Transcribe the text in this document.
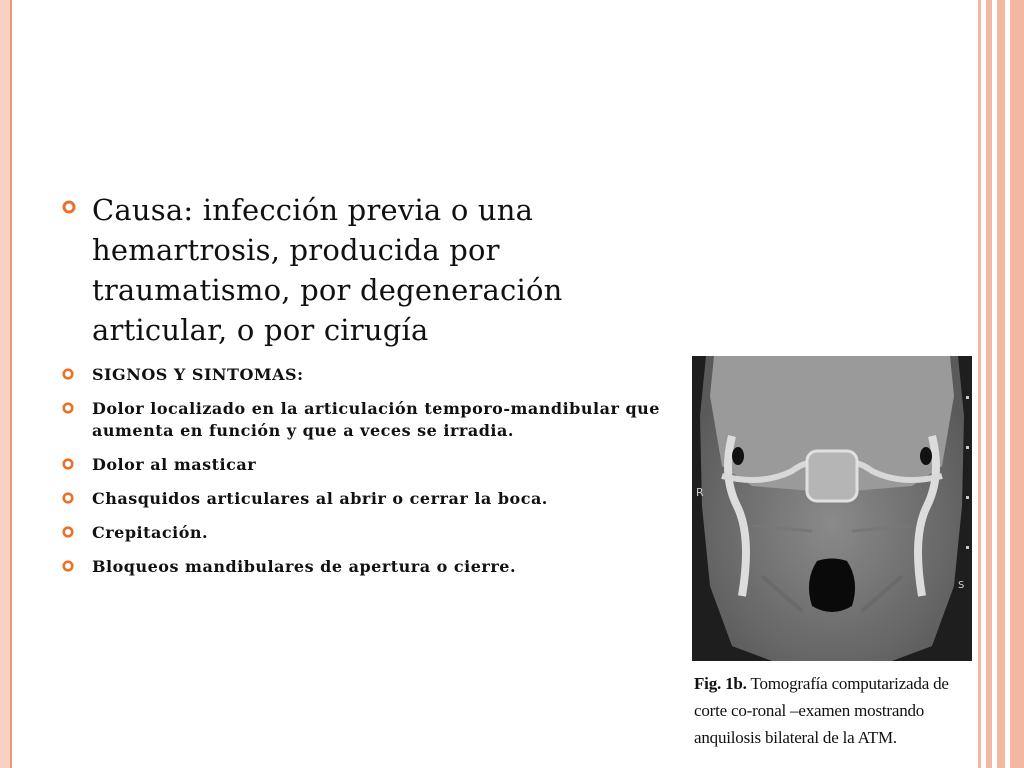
Causa: infección previa o una hemartrosis, producida por traumatismo, por degeneración articular, o por cirugía
SIGNOS Y SINTOMAS:
Dolor localizado en la articulación temporo-mandibular que aumenta en función y que a veces se irradia.
Dolor al masticar
Chasquidos articulares al abrir o cerrar la boca.
Crepitación.
Bloqueos mandibulares de apertura o cierre.
R
S
Fig. 1b. Tomografía computarizada de corte co-ronal –examen mostrando anquilosis bilateral de la ATM.
